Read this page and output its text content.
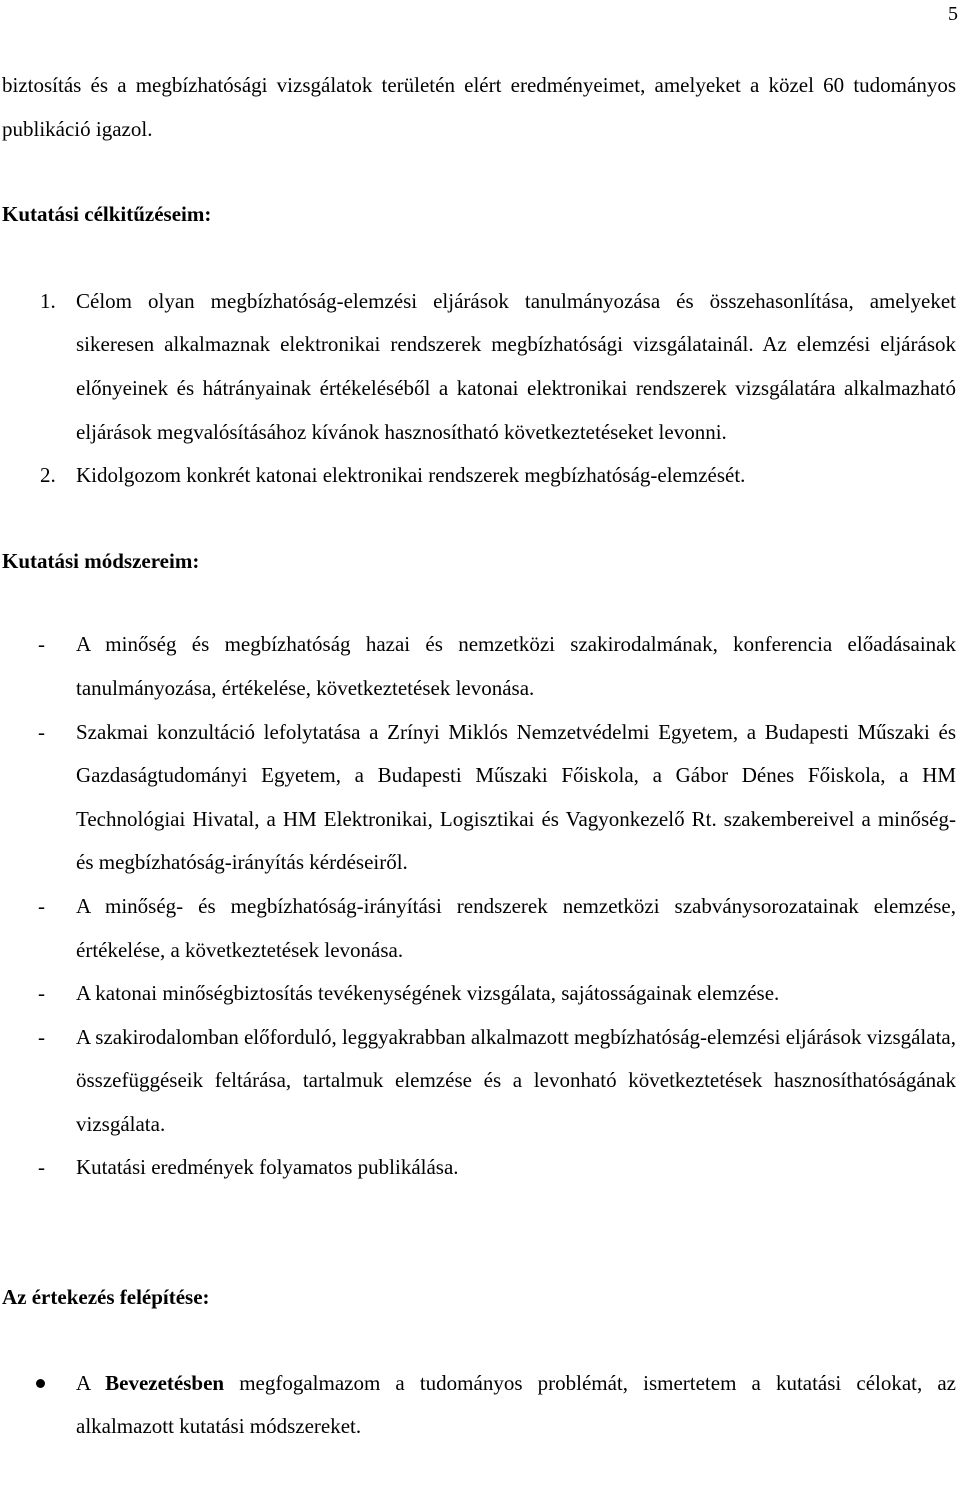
5

biztosítás és a megbízhatósági vizsgálatok területén elért eredményeimet, amelyeket a közel 60 tudományos publikáció igazol.

Kutatási célkitűzéseim:

1. Célom olyan megbízhatóság-elemzési eljárások tanulmányozása és összehasonlítása, amelyeket sikeresen alkalmaznak elektronikai rendszerek megbízhatósági vizsgálatainál. Az elemzési eljárások előnyeinek és hátrányainak értékeléséből a katonai elektronikai rendszerek vizsgálatára alkalmazható eljárások megvalósításához kívánok hasznosítható következtetéseket levonni.
2. Kidolgozom konkrét katonai elektronikai rendszerek megbízhatóság-elemzését.

Kutatási módszereim:

- A minőség és megbízhatóság hazai és nemzetközi szakirodalmának, konferencia előadásainak tanulmányozása, értékelése, következtetések levonása.
- Szakmai konzultáció lefolytatása a Zrínyi Miklós Nemzetvédelmi Egyetem, a Budapesti Műszaki és Gazdaságtudományi Egyetem, a Budapesti Műszaki Főiskola, a Gábor Dénes Főiskola, a HM Technológiai Hivatal, a HM Elektronikai, Logisztikai és Vagyonkezelő Rt. szakembereivel a minőség- és megbízhatóság-irányítás kérdéseiről.
- A minőség- és megbízhatóság-irányítási rendszerek nemzetközi szabványsorozatainak elemzése, értékelése, a következtetések levonása.
- A katonai minőségbiztosítás tevékenységének vizsgálata, sajátosságainak elemzése.
- A szakirodalomban előforduló, leggyakrabban alkalmazott megbízhatóság-elemzési eljárások vizsgálata, összefüggéseik feltárása, tartalmuk elemzése és a levonható következtetések hasznosíthatóságának vizsgálata.
- Kutatási eredmények folyamatos publikálása.

Az értekezés felépítése:

A Bevezetésben megfogalmazom a tudományos problémát, ismertetem a kutatási célokat, az alkalmazott kutatási módszereket.
